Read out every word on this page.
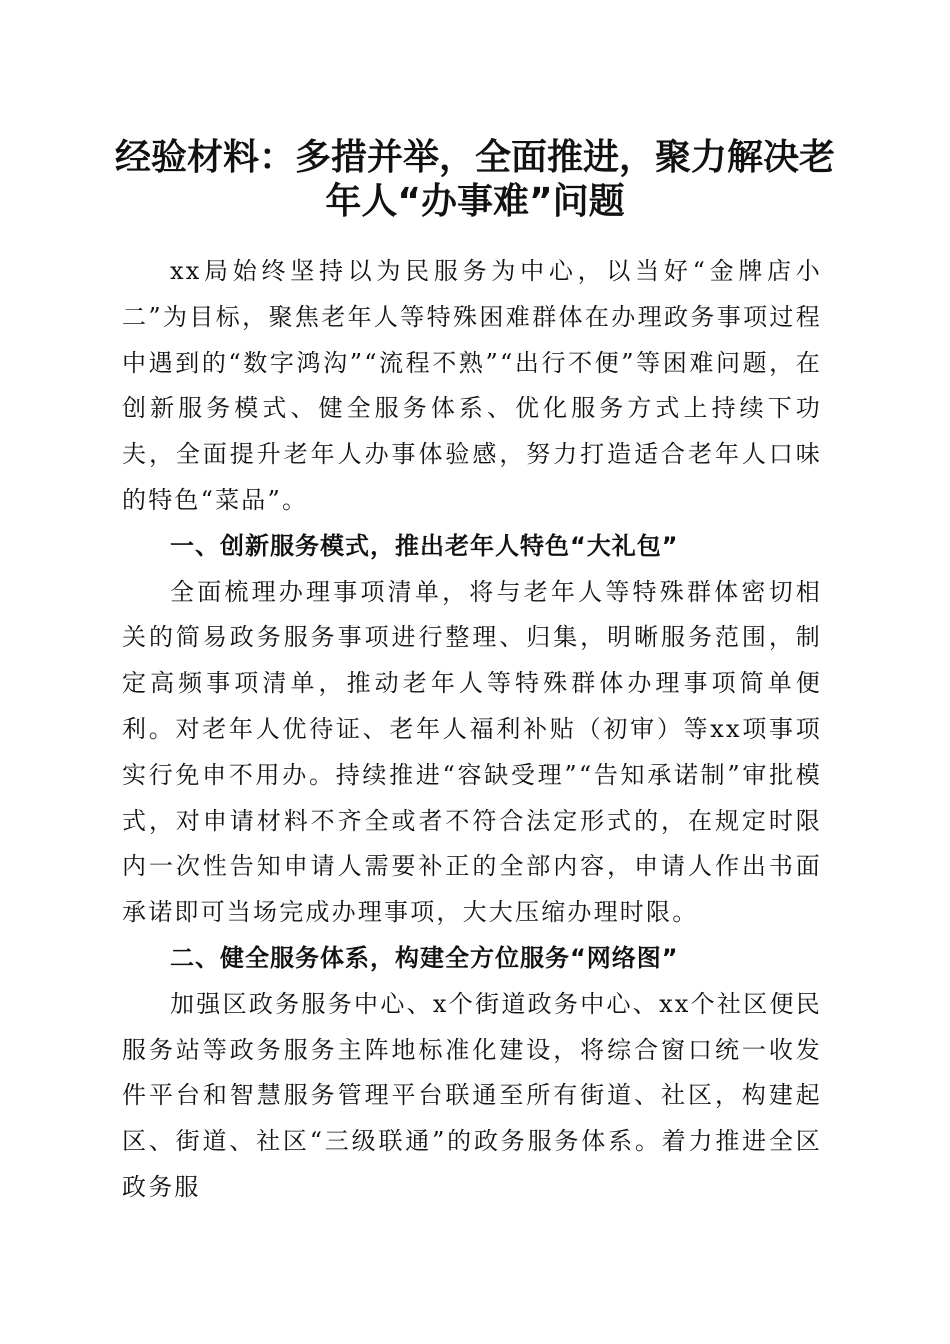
经验材料：多措并举，全面推进，聚力解决老年人“办事难”问题

xx局始终坚持以为民服务为中心，以当好“金牌店小二”为目标，聚焦老年人等特殊困难群体在办理政务事项过程中遇到的“数字鸿沟”“流程不熟”“出行不便”等困难问题，在创新服务模式、健全服务体系、优化服务方式上持续下功夫，全面提升老年人办事体验感，努力打造适合老年人口味的特色“菜品”。

一、创新服务模式，推出老年人特色“大礼包”

全面梳理办理事项清单，将与老年人等特殊群体密切相关的简易政务服务事项进行整理、归集，明晰服务范围，制定高频事项清单，推动老年人等特殊群体办理事项简单便利。对老年人优待证、老年人福利补贴（初审）等xx项事项实行免申不用办。持续推进“容缺受理”“告知承诺制”审批模式，对申请材料不齐全或者不符合法定形式的，在规定时限内一次性告知申请人需要补正的全部内容，申请人作出书面承诺即可当场完成办理事项，大大压缩办理时限。

二、健全服务体系，构建全方位服务“网络图”

加强区政务服务中心、x个街道政务中心、xx个社区便民服务站等政务服务主阵地标准化建设，将综合窗口统一收发件平台和智慧服务管理平台联通至所有街道、社区，构建起区、街道、社区“三级联通”的政务服务体系。着力推进全区政务服
